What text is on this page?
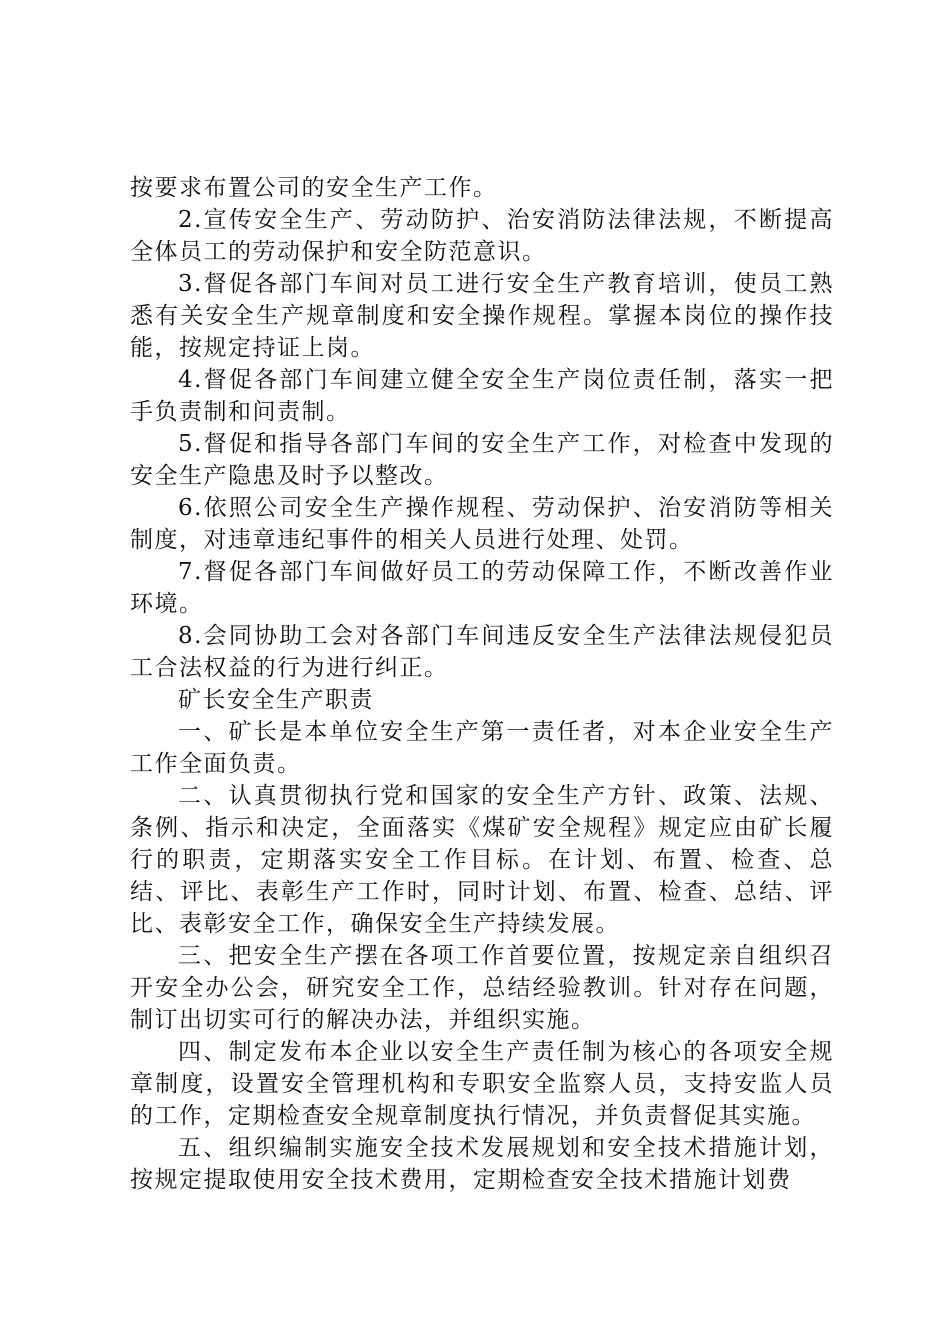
按要求布置公司的安全生产工作。

2.宣传安全生产、劳动防护、治安消防法律法规，不断提高全体员工的劳动保护和安全防范意识。

3.督促各部门车间对员工进行安全生产教育培训，使员工熟悉有关安全生产规章制度和安全操作规程。掌握本岗位的操作技能，按规定持证上岗。

4.督促各部门车间建立健全安全生产岗位责任制，落实一把手负责制和问责制。

5.督促和指导各部门车间的安全生产工作，对检查中发现的安全生产隐患及时予以整改。

6.依照公司安全生产操作规程、劳动保护、治安消防等相关制度，对违章违纪事件的相关人员进行处理、处罚。

7.督促各部门车间做好员工的劳动保障工作，不断改善作业环境。

8.会同协助工会对各部门车间违反安全生产法律法规侵犯员工合法权益的行为进行纠正。

矿长安全生产职责

一、矿长是本单位安全生产第一责任者，对本企业安全生产工作全面负责。

二、认真贯彻执行党和国家的安全生产方针、政策、法规、条例、指示和决定，全面落实《煤矿安全规程》规定应由矿长履行的职责，定期落实安全工作目标。在计划、布置、检查、总结、评比、表彰生产工作时，同时计划、布置、检查、总结、评比、表彰安全工作，确保安全生产持续发展。

三、把安全生产摆在各项工作首要位置，按规定亲自组织召开安全办公会，研究安全工作，总结经验教训。针对存在问题，制订出切实可行的解决办法，并组织实施。

四、制定发布本企业以安全生产责任制为核心的各项安全规章制度，设置安全管理机构和专职安全监察人员，支持安监人员的工作，定期检查安全规章制度执行情况，并负责督促其实施。

五、组织编制实施安全技术发展规划和安全技术措施计划，按规定提取使用安全技术费用，定期检查安全技术措施计划费
